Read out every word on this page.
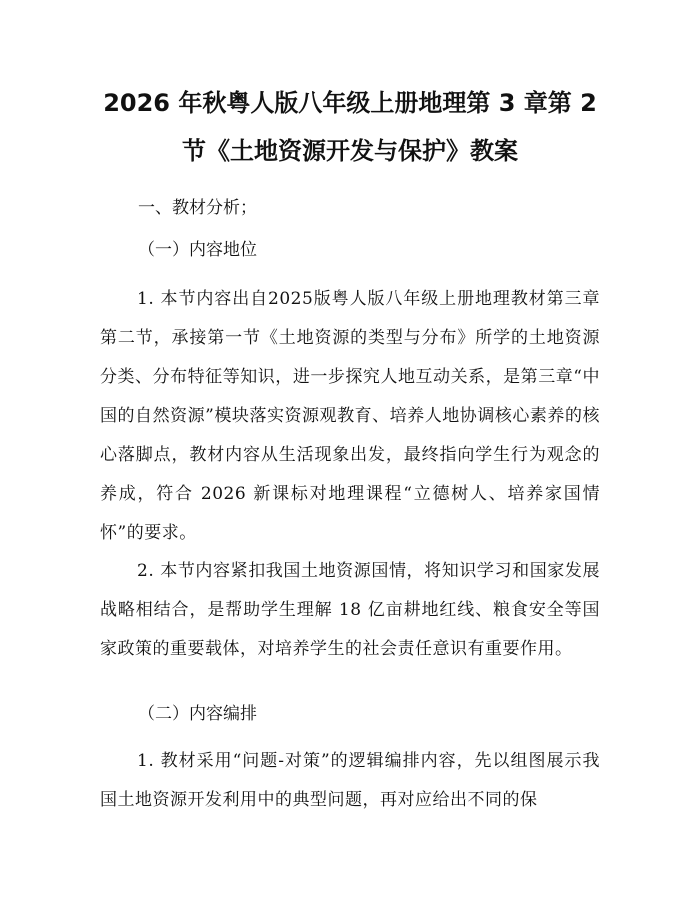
2026 年秋粤人版八年级上册地理第 3 章第 2
节《土地资源开发与保护》教案

一、教材分析；

（一）内容地位

1. 本节内容出自2025版粤人版八年级上册地理教材第三章第二节，承接第一节《土地资源的类型与分布》所学的土地资源分类、分布特征等知识，进一步探究人地互动关系，是第三章“中国的自然资源”模块落实资源观教育、培养人地协调核心素养的核心落脚点，教材内容从生活现象出发，最终指向学生行为观念的养成，符合 2026 新课标对地理课程“立德树人、培养家国情怀”的要求。

2. 本节内容紧扣我国土地资源国情，将知识学习和国家发展战略相结合，是帮助学生理解 18 亿亩耕地红线、粮食安全等国家政策的重要载体，对培养学生的社会责任意识有重要作用。

（二）内容编排

1. 教材采用“问题-对策”的逻辑编排内容，先以组图展示我国土地资源开发利用中的典型问题，再对应给出不同的保
